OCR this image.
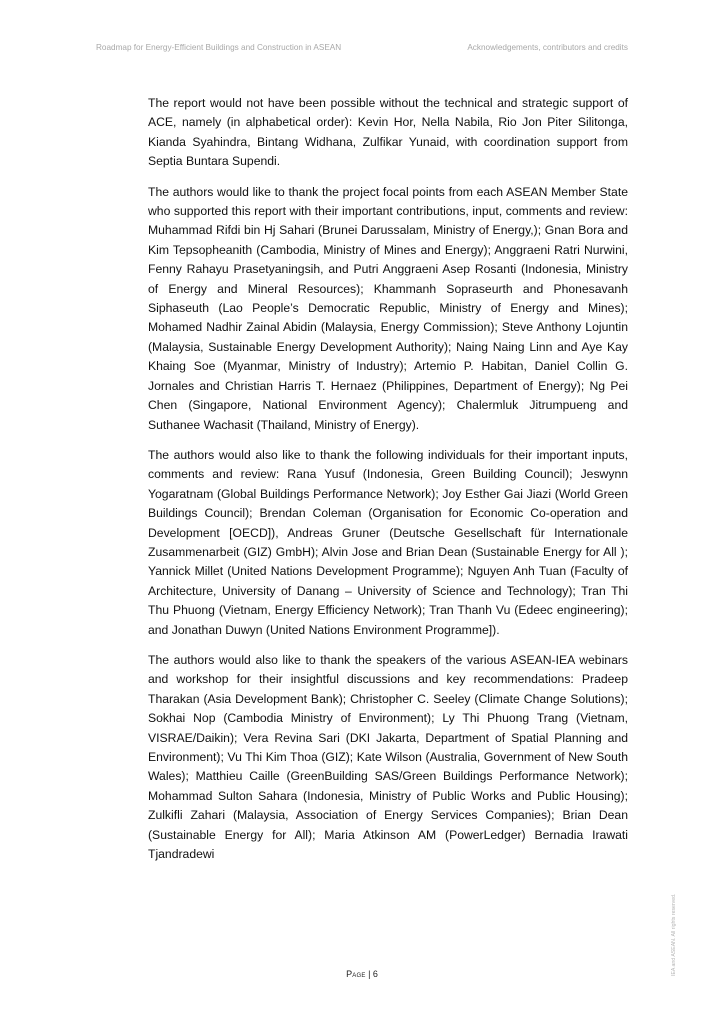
Roadmap for Energy-Efficient Buildings and Construction in ASEAN	Acknowledgements, contributors and credits

The report would not have been possible without the technical and strategic support of ACE, namely (in alphabetical order): Kevin Hor, Nella Nabila, Rio Jon Piter Silitonga, Kianda Syahindra, Bintang Widhana, Zulfikar Yunaid, with coordination support from Septia Buntara Supendi.

The authors would like to thank the project focal points from each ASEAN Member State who supported this report with their important contributions, input, comments and review: Muhammad Rifdi bin Hj Sahari (Brunei Darussalam, Ministry of Energy,); Gnan Bora and Kim Tepsopheanith (Cambodia, Ministry of Mines and Energy); Anggraeni Ratri Nurwini, Fenny Rahayu Prasetyaningsih, and Putri Anggraeni Asep Rosanti (Indonesia, Ministry of Energy and Mineral Resources); Khammanh Sopraseurth and Phonesavanh Siphaseuth (Lao People’s Democratic Republic, Ministry of Energy and Mines); Mohamed Nadhir Zainal Abidin (Malaysia, Energy Commission); Steve Anthony Lojuntin (Malaysia, Sustainable Energy Development Authority); Naing Naing Linn and Aye Kay Khaing Soe (Myanmar, Ministry of Industry); Artemio P. Habitan, Daniel Collin G. Jornales and Christian Harris T. Hernaez (Philippines, Department of Energy); Ng Pei Chen (Singapore, National Environment Agency); Chalermluk Jitrumpueng and Suthanee Wachasit (Thailand, Ministry of Energy).

The authors would also like to thank the following individuals for their important inputs, comments and review: Rana Yusuf (Indonesia, Green Building Council); Jeswynn Yogaratnam (Global Buildings Performance Network); Joy Esther Gai Jiazi (World Green Buildings Council); Brendan Coleman (Organisation for Economic Co-operation and Development [OECD]), Andreas Gruner (Deutsche Gesellschaft für Internationale Zusammenarbeit (GIZ) GmbH); Alvin Jose and Brian Dean (Sustainable Energy for All ); Yannick Millet (United Nations Development Programme); Nguyen Anh Tuan (Faculty of Architecture, University of Danang – University of Science and Technology); Tran Thi Thu Phuong (Vietnam, Energy Efficiency Network); Tran Thanh Vu (Edeec engineering); and Jonathan Duwyn (United Nations Environment Programme]).

The authors would also like to thank the speakers of the various ASEAN-IEA webinars and workshop for their insightful discussions and key recommendations: Pradeep Tharakan (Asia Development Bank); Christopher C. Seeley (Climate Change Solutions); Sokhai Nop (Cambodia Ministry of Environment); Ly Thi Phuong Trang (Vietnam, VISRAE/Daikin); Vera Revina Sari (DKI Jakarta, Department of Spatial Planning and Environment); Vu Thi Kim Thoa (GIZ); Kate Wilson (Australia, Government of New South Wales); Matthieu Caille (GreenBuilding SAS/Green Buildings Performance Network); Mohammad Sulton Sahara (Indonesia, Ministry of Public Works and Public Housing); Zulkifli Zahari (Malaysia, Association of Energy Services Companies); Brian Dean (Sustainable Energy for All); Maria Atkinson AM (PowerLedger) Bernadia Irawati Tjandradewi

Page | 6	IEA and ASEAN. All rights reserved.
